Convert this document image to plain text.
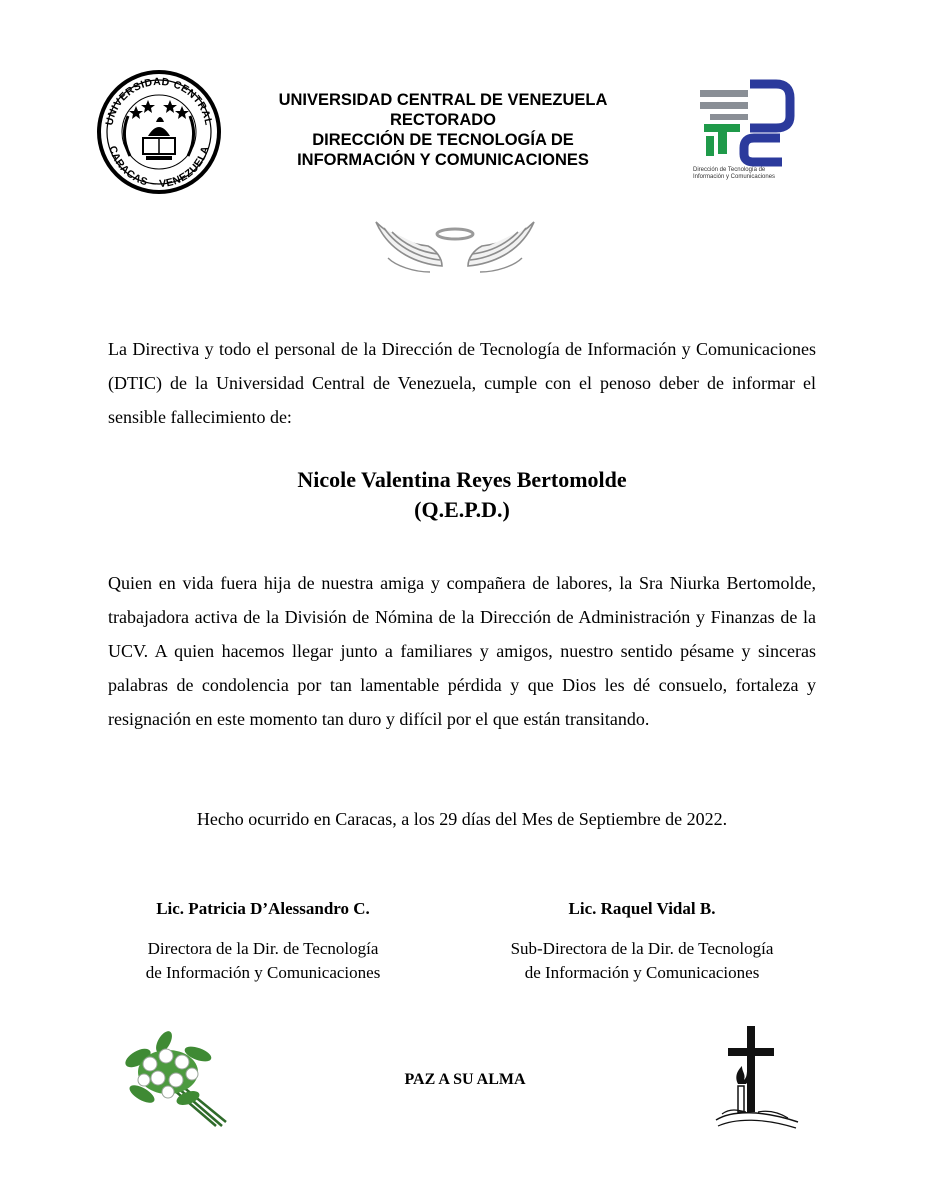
UNIVERSIDAD CENTRAL
CARACAS – VENEZUELA
UNIVERSIDAD CENTRAL DE VENEZUELA
RECTORADO
DIRECCIÓN DE TECNOLOGÍA DE
INFORMACIÓN Y COMUNICACIONES
Dirección de Tecnología de
Información y Comunicaciones
La Directiva y todo el personal de la Dirección de Tecnología de Información y Comunicaciones (DTIC) de la Universidad Central de Venezuela, cumple con el penoso deber de informar el sensible fallecimiento de:
Nicole Valentina Reyes Bertomolde
(Q.E.P.D.)
Quien en vida fuera hija de nuestra amiga y compañera de labores, la Sra Niurka Bertomolde, trabajadora activa de la División de Nómina de la Dirección de Administración y Finanzas de la UCV. A quien hacemos llegar junto a familiares y amigos, nuestro sentido pésame y sinceras palabras de condolencia por tan lamentable pérdida y que Dios les dé consuelo, fortaleza y resignación en este momento tan duro y difícil por el que están transitando.
Hecho ocurrido en Caracas, a los 29 días del Mes de Septiembre de 2022.
Lic. Patricia D’Alessandro C.
Directora de la Dir. de Tecnología
de Información y Comunicaciones
Lic. Raquel Vidal B.
Sub-Directora de la Dir. de Tecnología
de Información y Comunicaciones
PAZ A SU ALMA
